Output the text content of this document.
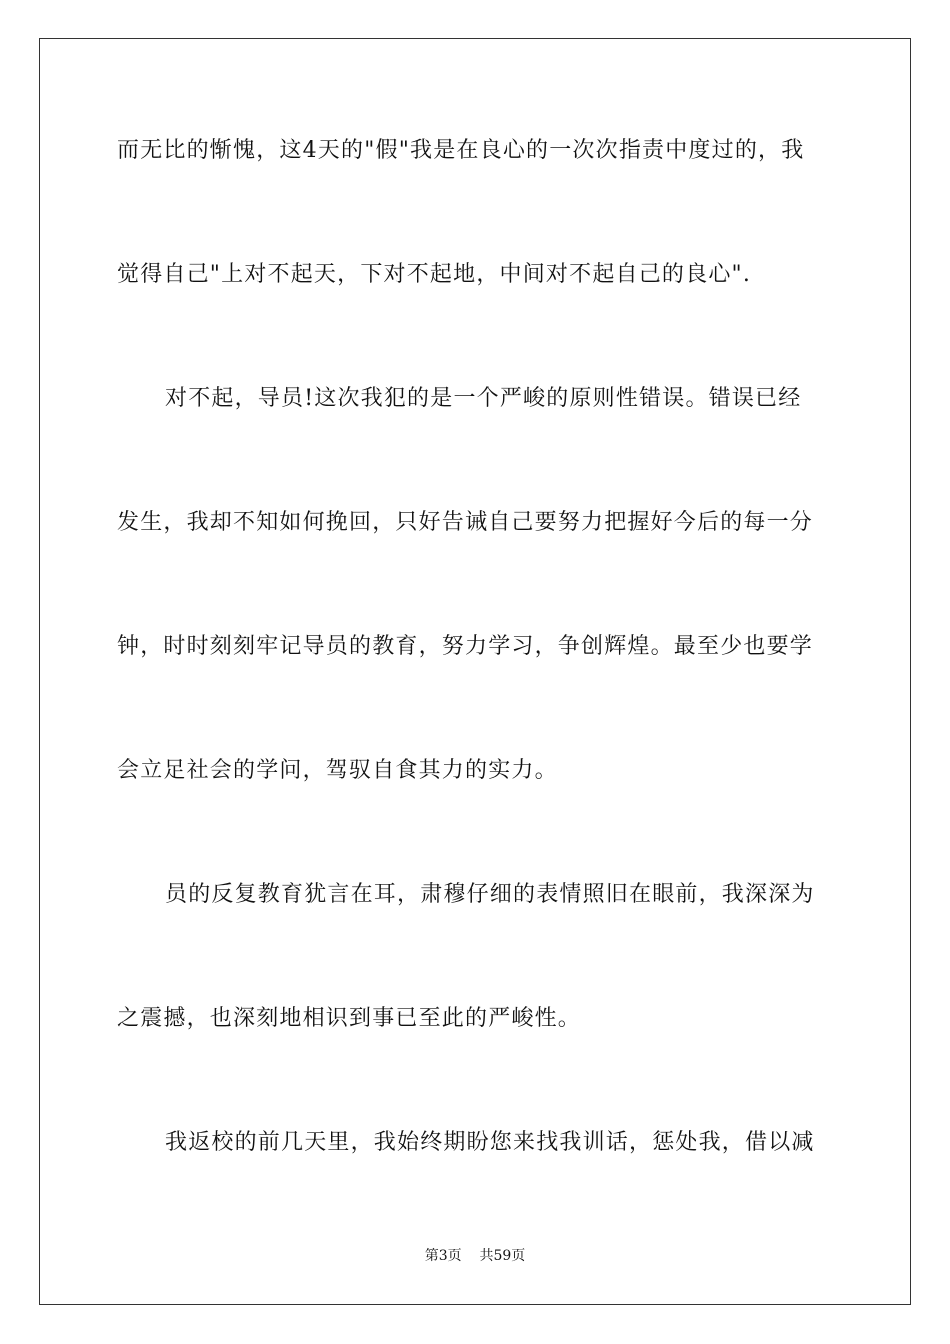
而无比的惭愧，这4天的"假"我是在良心的一次次指责中度过的，我
觉得自己"上对不起天，下对不起地，中间对不起自己的良心".
对不起，导员!这次我犯的是一个严峻的原则性错误。错误已经
发生，我却不知如何挽回，只好告诫自己要努力把握好今后的每一分
钟，时时刻刻牢记导员的教育，努力学习，争创辉煌。最至少也要学
会立足社会的学问，驾驭自食其力的实力。
员的反复教育犹言在耳，肃穆仔细的表情照旧在眼前，我深深为
之震撼，也深刻地相识到事已至此的严峻性。
我返校的前几天里，我始终期盼您来找我训话，惩处我，借以减
第3页 共59页
